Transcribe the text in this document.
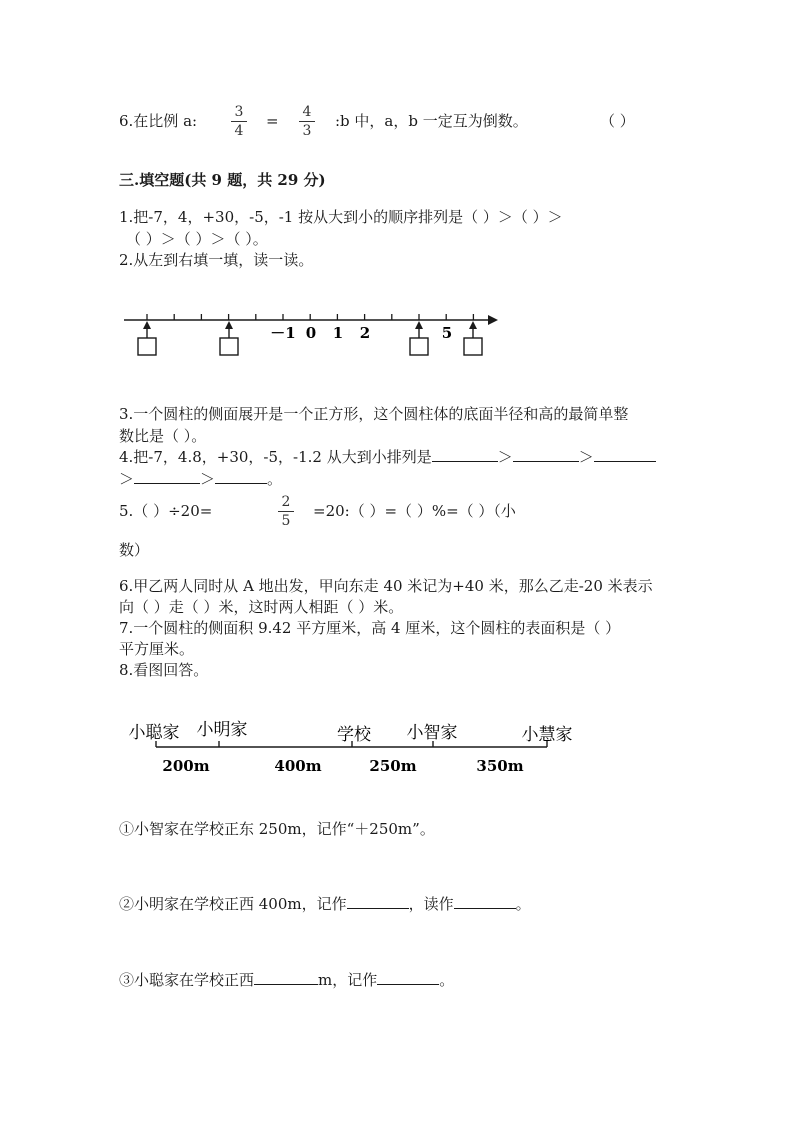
6.在比例 a:	3
4
=	4
3
:b 中，a，b 一定互为倒数。	（ ）
三.填空题(共 9 题，共 29 分)
1.把-7，4，+30，-5，-1 按从大到小的顺序排列是（ ）＞（ ）＞
（ ）＞（ ）＞（ ）。
2.从左到右填一填，读一读。
－1 0 1 2	5
3.一个圆柱的侧面展开是一个正方形，这个圆柱体的底面半径和高的最简单整
数比是（ ）。
4.把-7，4.8，+30，-5，-1.2 从大到小排列是	＞	＞
＞	＞	。
5.（ ）÷20=	2
5
=20:（ ）=（ ）%=（ ）（小
数）
6.甲乙两人同时从 A 地出发，甲向东走 40 米记为+40 米，那么乙走-20 米表示
向（ ）走（ ）米，这时两人相距（ ）米。
7.一个圆柱的侧面积 9.42 平方厘米，高 4 厘米，这个圆柱的表面积是（ ）
平方厘米。
8.看图回答。
小聪家 小明家	学校 小智家	小慧家
200m	400m	250m	350m
①小智家在学校正东 250m，记作“＋250m”。
②小明家在学校正西 400m，记作	，读作	。
③小聪家在学校正西	m，记作	。
